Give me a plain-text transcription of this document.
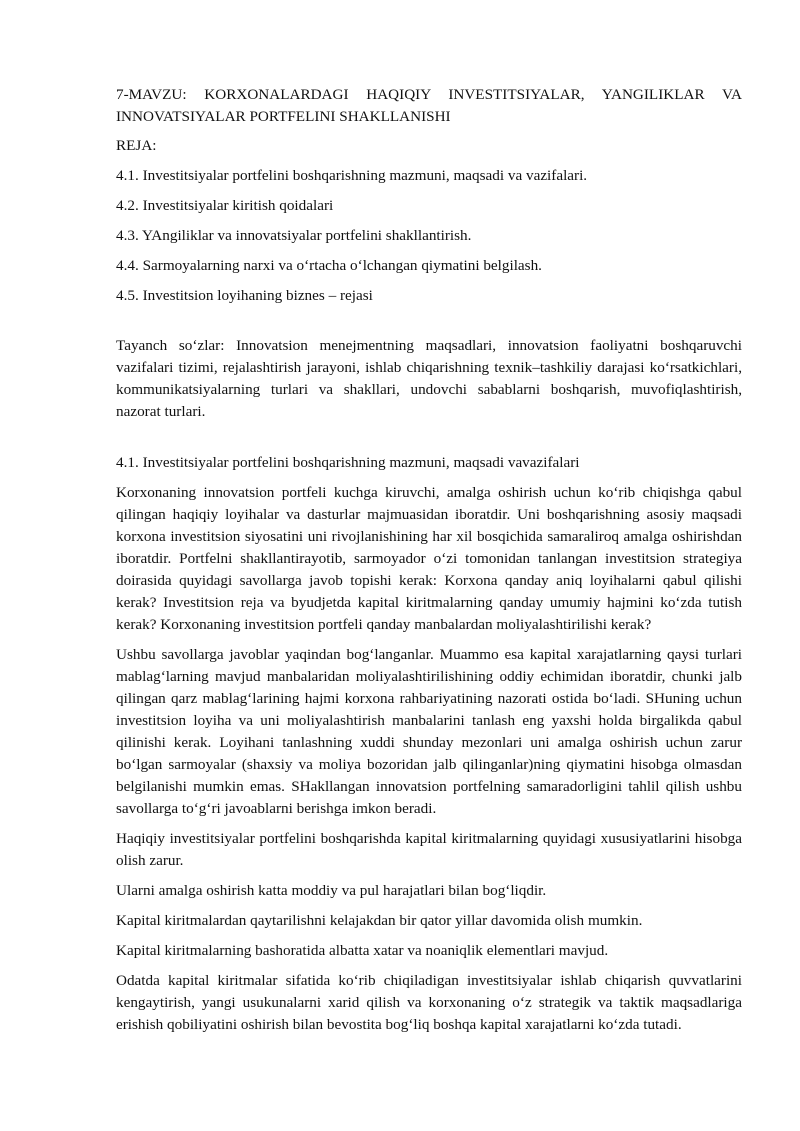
7-MAVZU: KORXONALARDAGI HAQIQIY INVESTITSIYALAR, YANGILIKLAR VA INNOVATSIYALAR PORTFELINI SHAKLLANISHI

REJA:

4.1. Investitsiyalar portfelini boshqarishning mazmuni, maqsadi va vazifalari.

4.2. Investitsiyalar kiritish qoidalari

4.3. YAngiliklar va innovatsiyalar portfelini shakllantirish.

4.4. Sarmoyalarning narxi va o‘rtacha o‘lchangan qiymatini belgilash.

4.5. Investitsion loyihaning biznes – rejasi

Tayanch so‘zlar: Innovatsion menejmentning maqsadlari, innovatsion faoliyatni boshqaruvchi vazifalari tizimi, rejalashtirish jarayoni, ishlab chiqarishning texnik–tashkiliy darajasi ko‘rsatkichlari, kommunikatsiyalarning turlari va shakllari, undovchi sabablarni boshqarish, muvofiqlashtirish, nazorat turlari.

4.1. Investitsiyalar portfelini boshqarishning mazmuni, maqsadi vavazifalari

Korxonaning innovatsion portfeli kuchga kiruvchi, amalga oshirish uchun ko‘rib chiqishga qabul qilingan haqiqiy loyihalar va dasturlar majmuasidan iboratdir. Uni boshqarishning asosiy maqsadi korxona investitsion siyosatini uni rivojlanishining har xil bosqichida samaraliroq amalga oshirishdan iboratdir. Portfelni shakllantirayotib, sarmoyador o‘zi tomonidan tanlangan investitsion strategiya doirasida quyidagi savollarga javob topishi kerak: Korxona qanday aniq loyihalarni qabul qilishi kerak? Investitsion reja va byudjetda kapital kiritmalarning qanday umumiy hajmini ko‘zda tutish kerak? Korxonaning investitsion portfeli qanday manbalardan moliyalashtirilishi kerak?

Ushbu savollarga javoblar yaqindan bog‘langanlar. Muammo esa kapital xarajatlarning qaysi turlari mablag‘larning mavjud manbalaridan moliyalashtirilishining oddiy echimidan iboratdir, chunki jalb qilingan qarz mablag‘larining hajmi korxona rahbariyatining nazorati ostida bo‘ladi. SHuning uchun investitsion loyiha va uni moliyalashtirish manbalarini tanlash eng yaxshi holda birgalikda qabul qilinishi kerak. Loyihani tanlashning xuddi shunday mezonlari uni amalga oshirish uchun zarur bo‘lgan sarmoyalar (shaxsiy va moliya bozoridan jalb qilinganlar)ning qiymatini hisobga olmasdan belgilanishi mumkin emas. SHakllangan innovatsion portfelning samaradorligini tahlil qilish ushbu savollarga to‘g‘ri javoablarni berishga imkon beradi.

Haqiqiy investitsiyalar portfelini boshqarishda kapital kiritmalarning quyidagi xususiyatlarini hisobga olish zarur.

Ularni amalga oshirish katta moddiy va pul harajatlari bilan bog‘liqdir.

Kapital kiritmalardan qaytarilishni kelajakdan bir qator yillar davomida olish mumkin.

Kapital kiritmalarning bashoratida albatta xatar va noaniqlik elementlari mavjud.

Odatda kapital kiritmalar sifatida ko‘rib chiqiladigan investitsiyalar ishlab chiqarish quvvatlarini kengaytirish, yangi usukunalarni xarid qilish va korxonaning o‘z strategik va taktik maqsadlariga erishish qobiliyatini oshirish bilan bevostita bog‘liq boshqa kapital xarajatlarni ko‘zda tutadi.
